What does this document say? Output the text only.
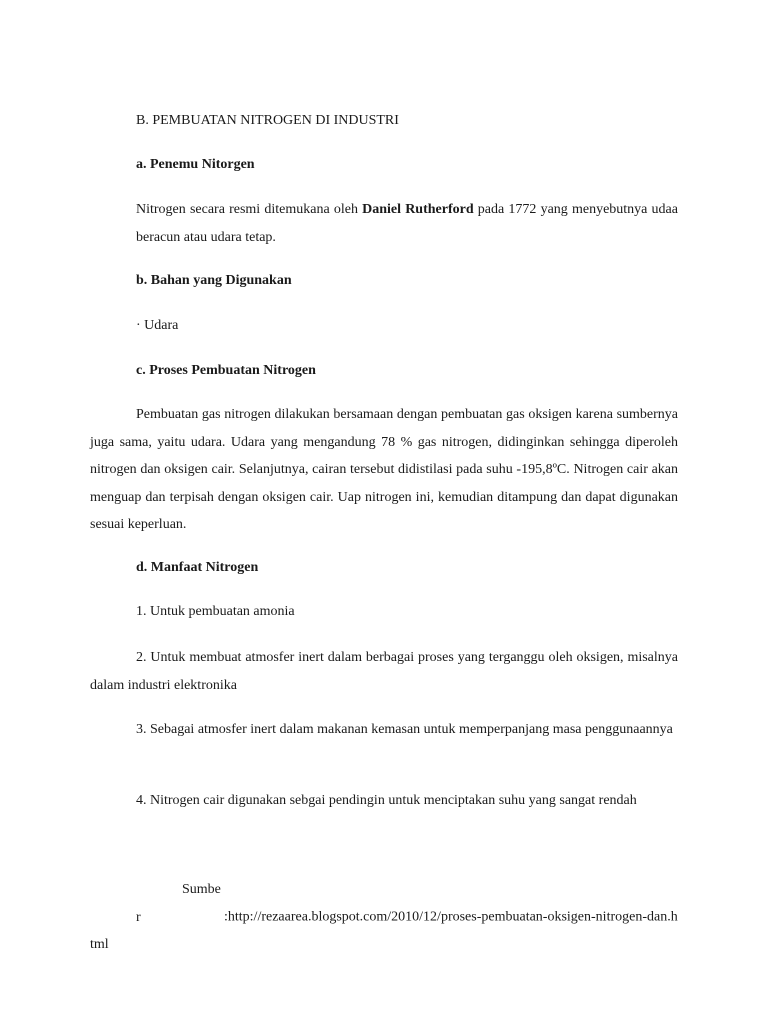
B. PEMBUATAN NITROGEN DI INDUSTRI

a. Penemu Nitorgen

Nitrogen secara resmi ditemukana oleh Daniel Rutherford pada 1772 yang menyebutnya udaa beracun atau udara tetap.

b. Bahan yang Digunakan

· Udara

c. Proses Pembuatan Nitrogen

Pembuatan gas nitrogen dilakukan bersamaan dengan pembuatan gas oksigen karena sumbernya juga sama, yaitu udara. Udara yang mengandung 78 % gas nitrogen, didinginkan sehingga diperoleh nitrogen dan oksigen cair. Selanjutnya, cairan tersebut didistilasi pada suhu -195,8ºC. Nitrogen cair akan menguap dan terpisah dengan oksigen cair. Uap nitrogen ini, kemudian ditampung dan dapat digunakan sesuai keperluan.

d. Manfaat Nitrogen

1. Untuk pembuatan amonia

2. Untuk membuat atmosfer inert dalam berbagai proses yang terganggu oleh oksigen, misalnya dalam industri elektronika

3. Sebagai atmosfer inert dalam makanan kemasan untuk memperpanjang masa penggunaannya

4. Nitrogen cair digunakan sebgai pendingin untuk menciptakan suhu yang sangat rendah

Sumber	:http://rezaarea.blogspot.com/2010/12/proses-pembuatan-oksigen-nitrogen-dan.html
